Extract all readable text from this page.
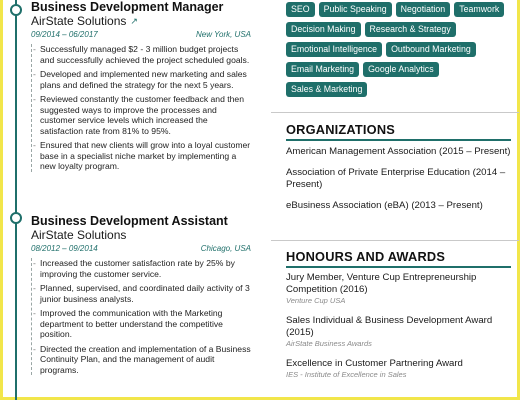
Business Development Manager
AirState Solutions ↗
09/2014 – 06/2017	New York, USA
- Successfully managed $2 - 3 million budget projects and successfully achieved the project scheduled goals.
- Developed and implemented new marketing and sales plans and defined the strategy for the next 5 years.
- Reviewed constantly the customer feedback and then suggested ways to improve the processes and customer service levels which increased the satisfaction rate from 81% to 95%.
- Ensured that new clients will grow into a loyal customer base in a specialist niche market by implementing a new loyalty program.
Business Development Assistant
AirState Solutions
08/2012 – 09/2014	Chicago, USA
- Increased the customer satisfaction rate by 25% by improving the customer service.
- Planned, supervised, and coordinated daily activity of 3 junior business analysts.
- Improved the communication with the Marketing department to better understand the competitive position.
- Directed the creation and implementation of a Business Continuity Plan, and the management of audit programs.
SEO	Public Speaking	Negotiation	Teamwork
Decision Making	Research & Strategy
Emotional Intelligence	Outbound Marketing
Email Marketing	Google Analytics
Sales & Marketing
ORGANIZATIONS
American Management Association (2015 – Present)
Association of Private Enterprise Education (2014 – Present)
eBusiness Association (eBA) (2013 – Present)
HONOURS AND AWARDS
Jury Member, Venture Cup Entrepreneurship Competition (2016)
Venture Cup USA
Sales Individual & Business Development Award (2015)
AirState Business Awards
Excellence in Customer Partnering Award
IES - Institute of Excellence in Sales
